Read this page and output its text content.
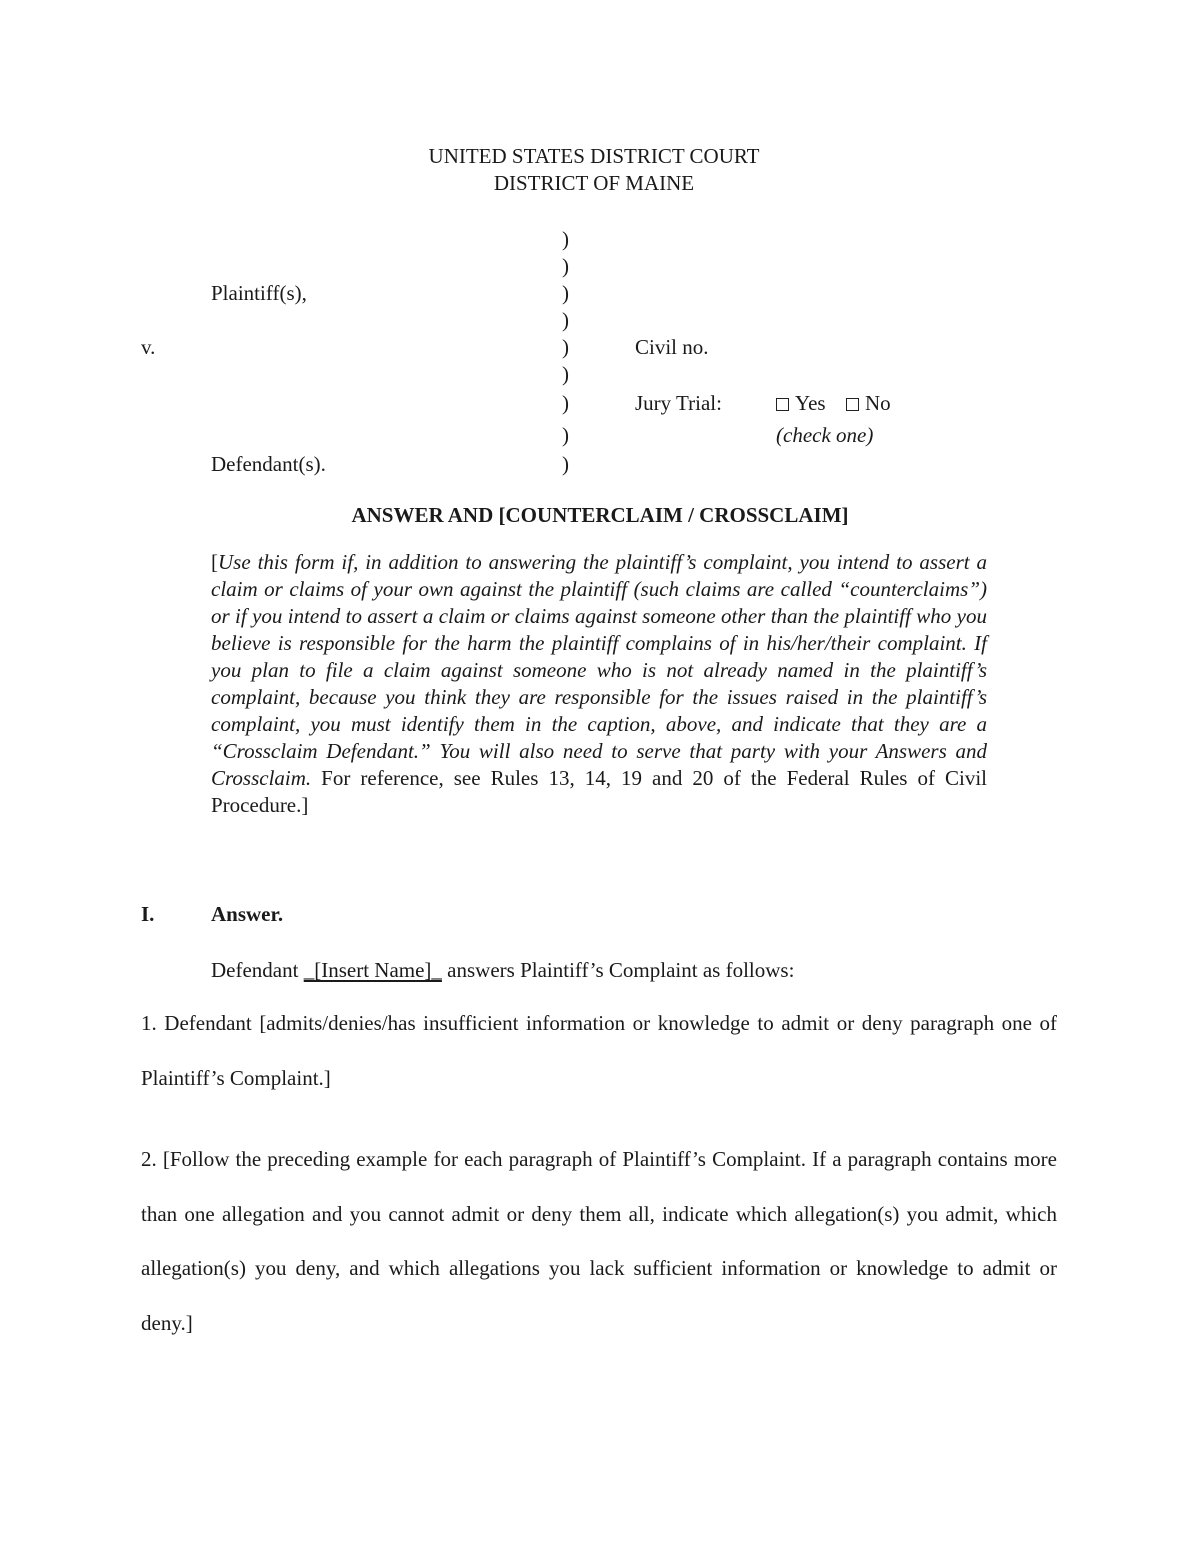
UNITED STATES DISTRICT COURT
DISTRICT OF MAINE
)
)
)
)
)
)
)
)
)
Plaintiff(s),
v.
Defendant(s).
Civil no.
Jury Trial:	Yes	No
(check one)
ANSWER AND [COUNTERCLAIM / CROSSCLAIM]
[Use this form if, in addition to answering the plaintiff’s complaint, you intend to assert a claim or claims of your own against the plaintiff (such claims are called “counterclaims”) or if you intend to assert a claim or claims against someone other than the plaintiff who you believe is responsible for the harm the plaintiff complains of in his/her/their complaint. If you plan to file a claim against someone who is not already named in the plaintiff’s complaint, because you think they are responsible for the issues raised in the plaintiff’s complaint, you must identify them in the caption, above, and indicate that they are a “Crossclaim Defendant.” You will also need to serve that party with your Answers and Crossclaim. For reference, see Rules 13, 14, 19 and 20 of the Federal Rules of Civil Procedure.]
I.	Answer.
Defendant _[Insert Name]_ answers Plaintiff’s Complaint as follows:
1. Defendant [admits/denies/has insufficient information or knowledge to admit or deny paragraph one of Plaintiff’s Complaint.]
2. [Follow the preceding example for each paragraph of Plaintiff’s Complaint. If a paragraph contains more than one allegation and you cannot admit or deny them all, indicate which allegation(s) you admit, which allegation(s) you deny, and which allegations you lack sufficient information or knowledge to admit or deny.]
